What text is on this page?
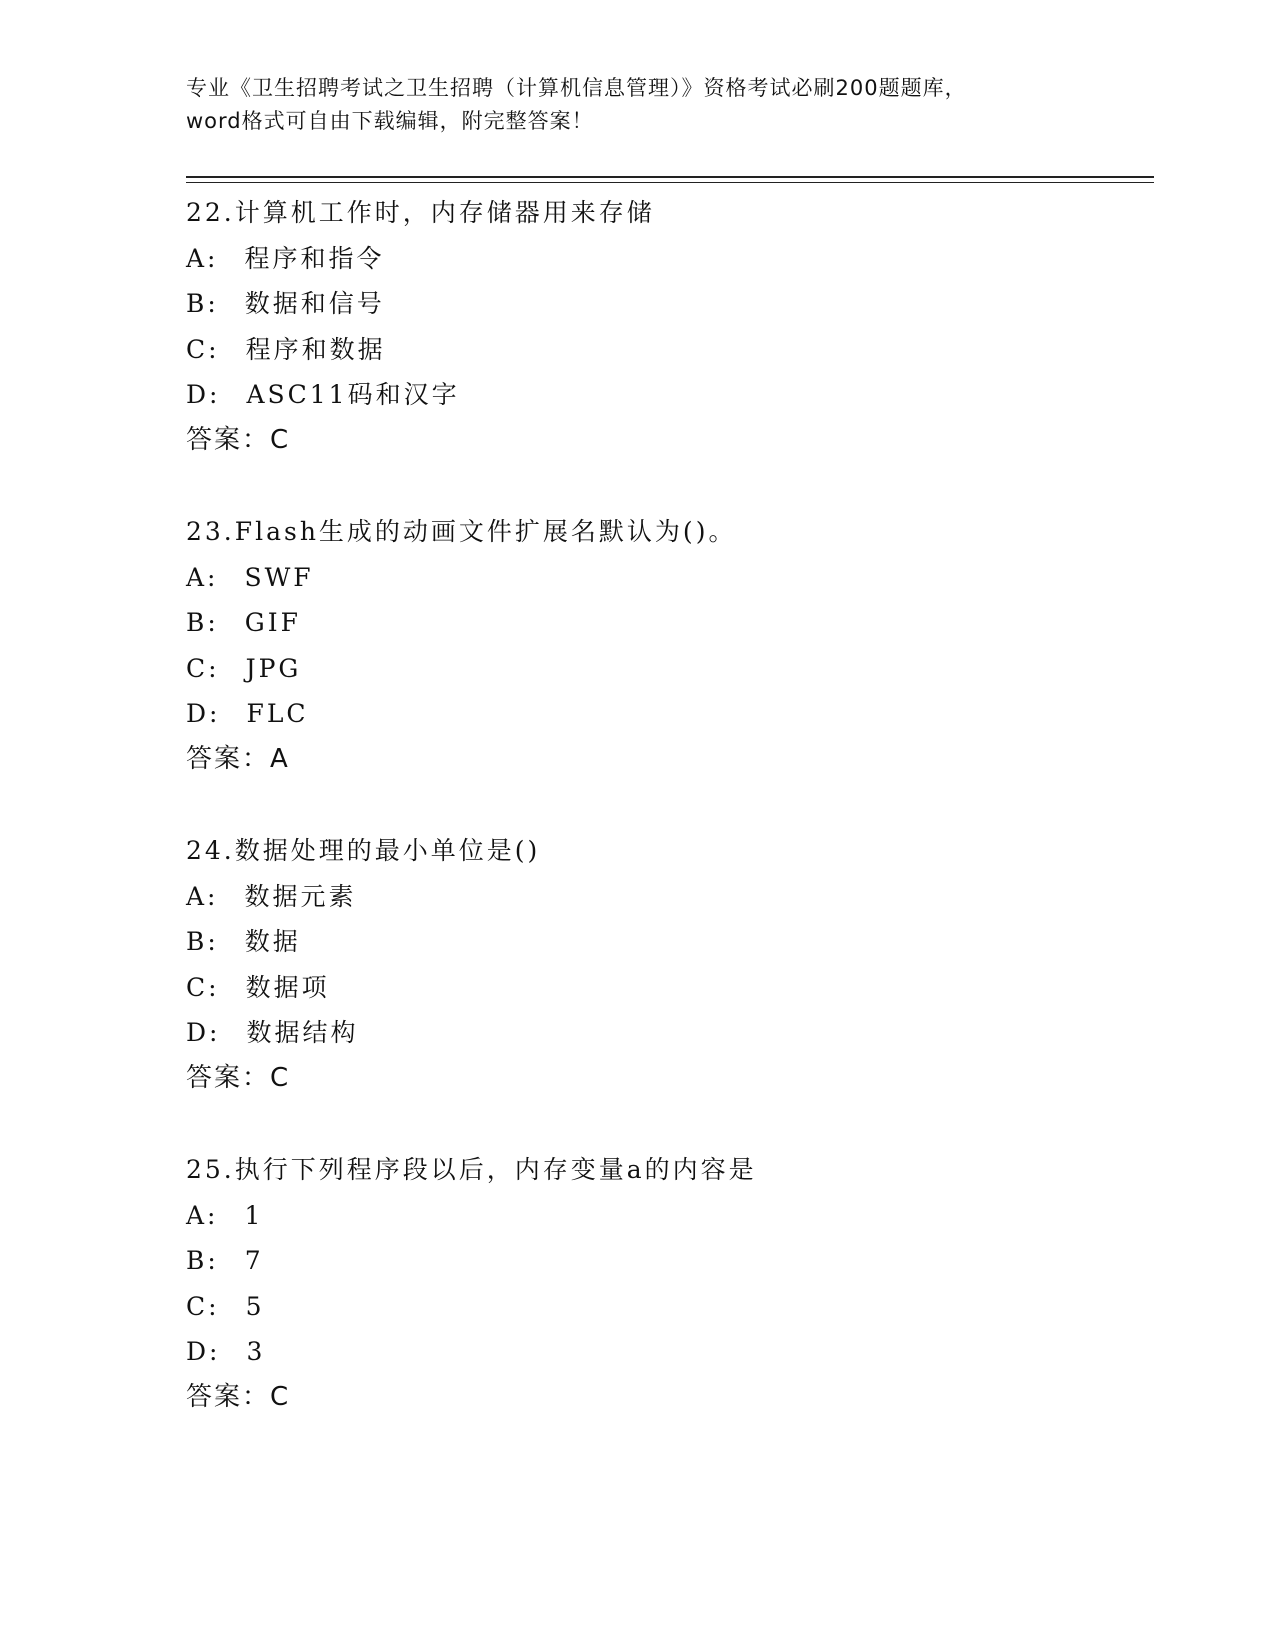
专业《卫生招聘考试之卫生招聘（计算机信息管理）》资格考试必刷200题题库，
word格式可自由下载编辑，附完整答案！
22.计算机工作时，内存储器用来存储
A: 程序和指令
B: 数据和信号
C: 程序和数据
D: ASC11码和汉字
答案：C
23.Flash生成的动画文件扩展名默认为()。
A: SWF
B: GIF
C: JPG
D: FLC
答案：A
24.数据处理的最小单位是()
A: 数据元素
B: 数据
C: 数据项
D: 数据结构
答案：C
25.执行下列程序段以后，内存变量a的内容是
A: 1
B: 7
C: 5
D: 3
答案：C
